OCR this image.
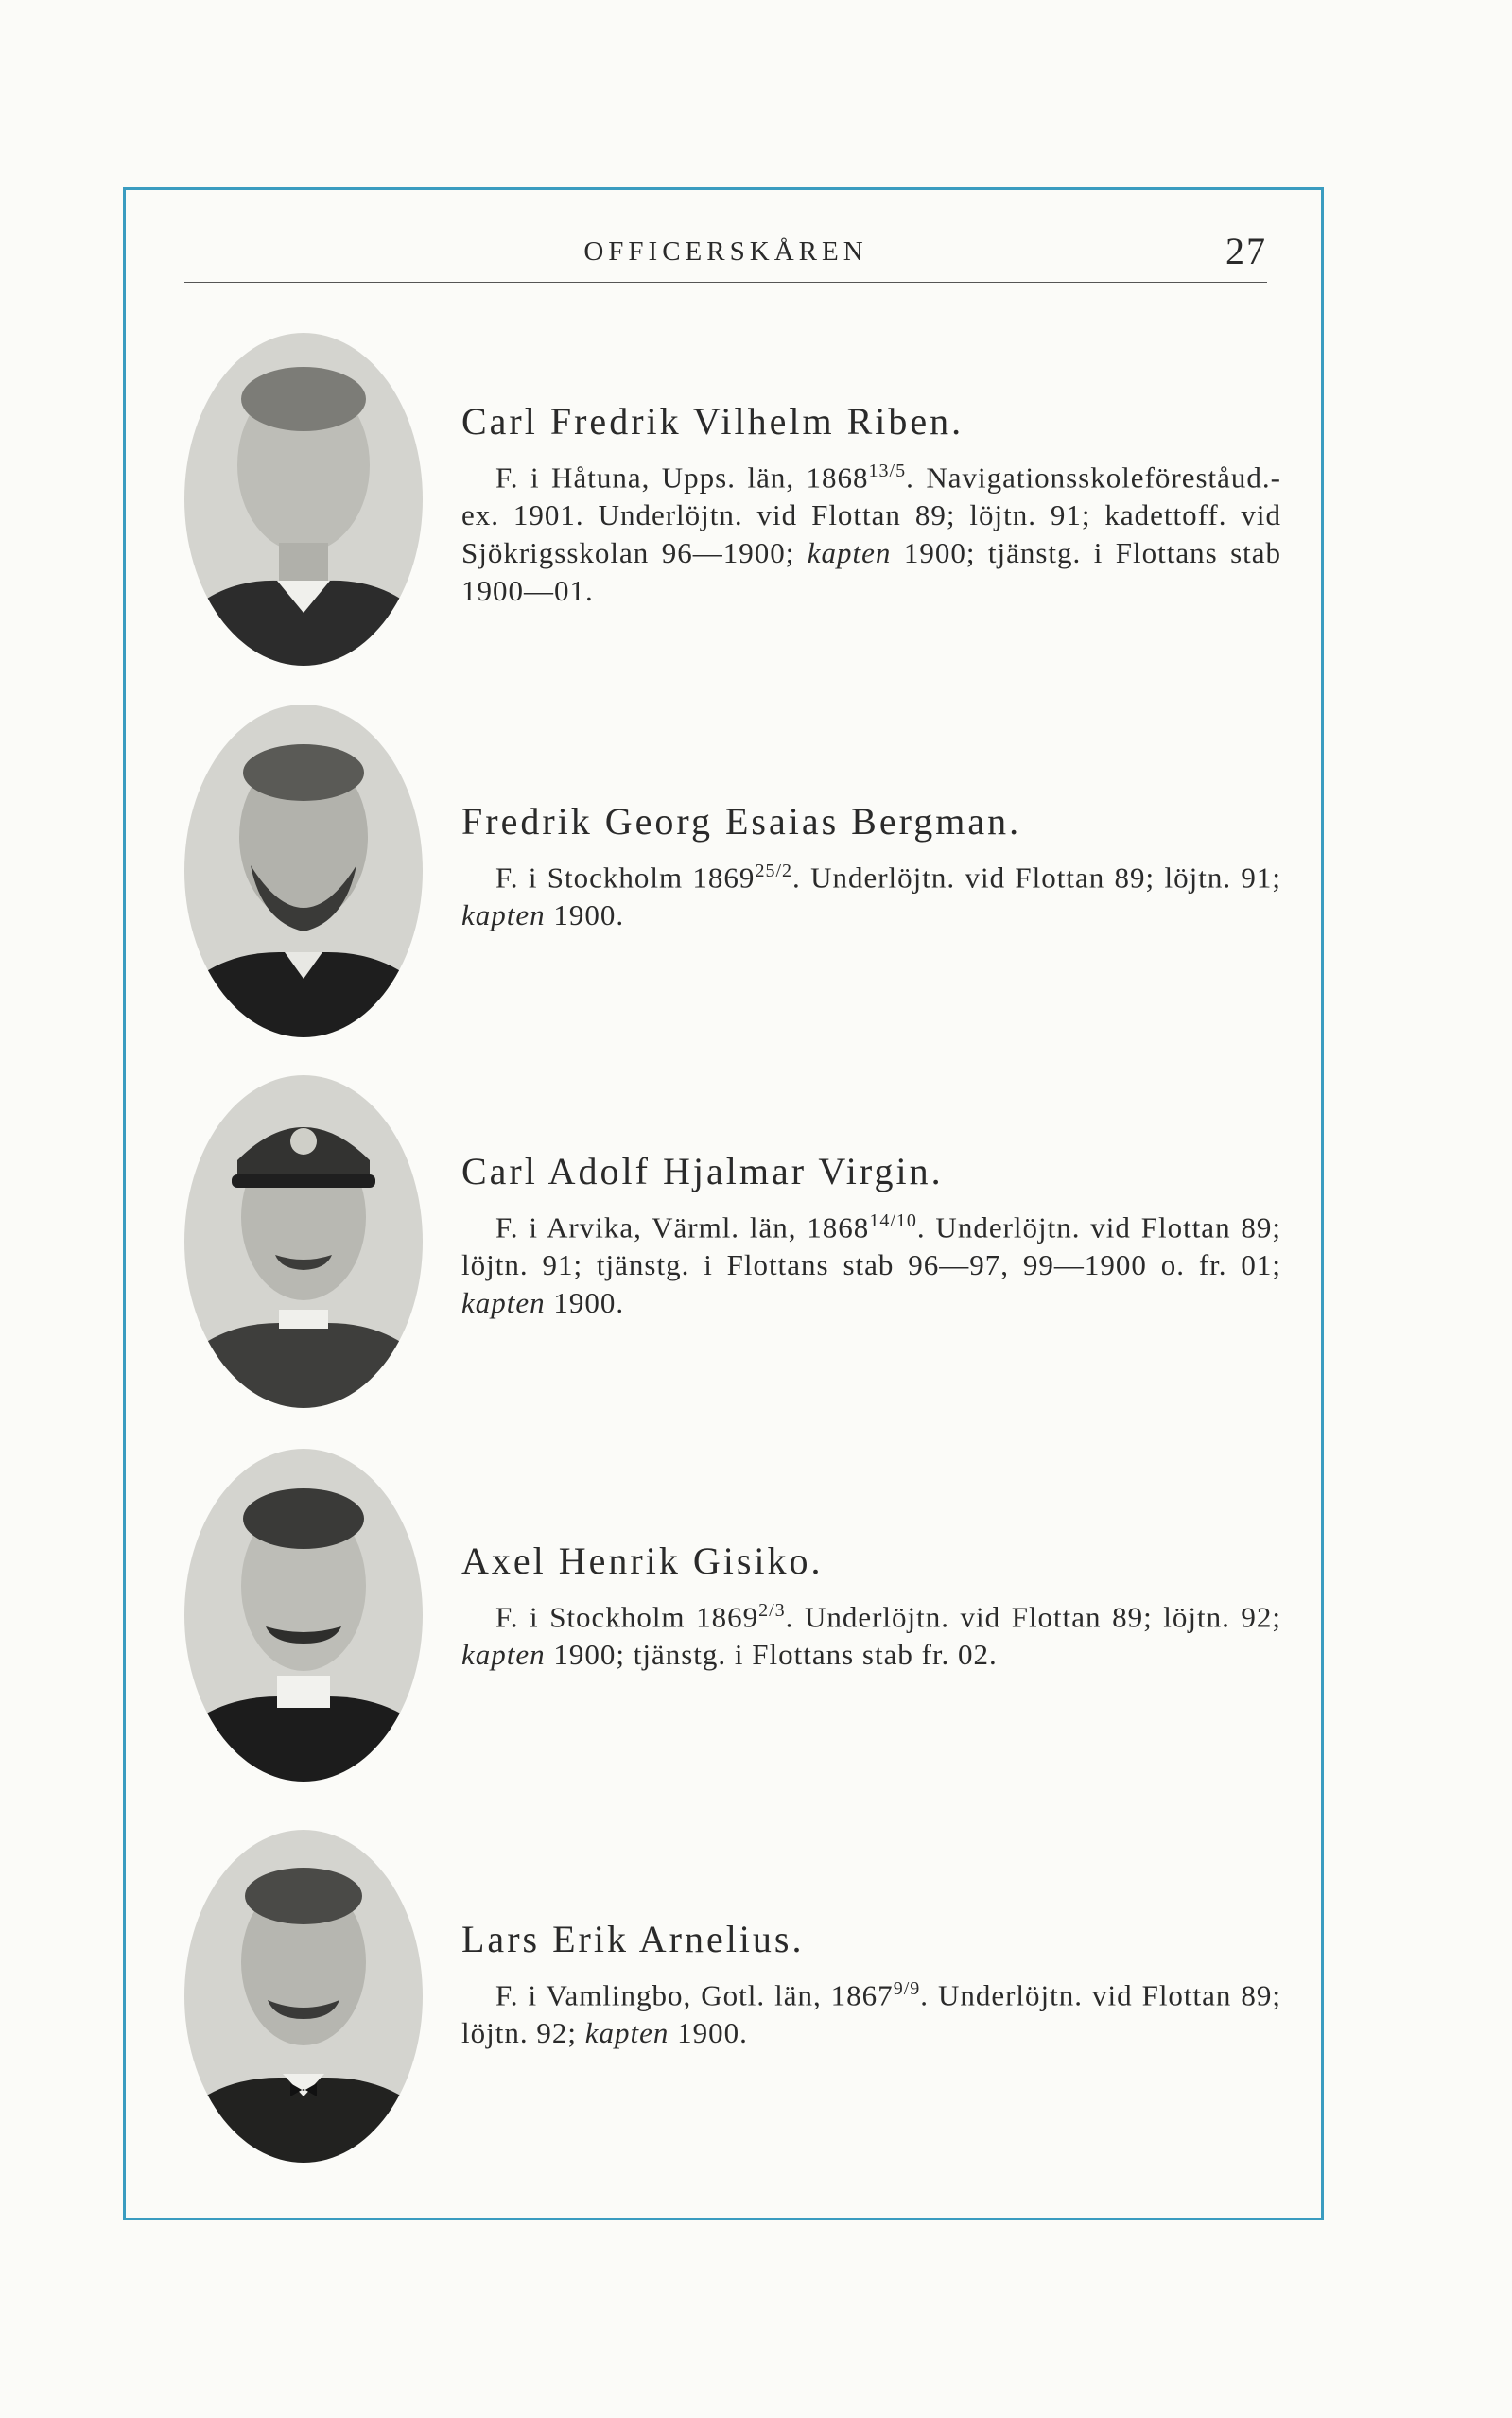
OFFICERSKÅREN	27
Carl Fredrik Vilhelm Riben.

F. i Håtuna, Upps. län, $1868^{13/5}$. Navigationsskoleföreståud.-ex. 1901. Underlöjtn. vid Flottan 89; löjtn. 91; kadettoff. vid Sjökrigsskolan 96—1900; kapten 1900; tjänstg. i Flottans stab 1900—01.

Fredrik Georg Esaias Bergman.

F. i Stockholm $1869^{25/2}$. Underlöjtn. vid Flottan 89; löjtn. 91; kapten 1900.

Carl Adolf Hjalmar Virgin.

F. i Arvika, Värml. län, $1868^{14/10}$. Underlöjtn. vid Flottan 89; löjtn. 91; tjänstg. i Flottans stab 96—97, 99—1900 o. fr. 01; kapten 1900.

Axel Henrik Gisiko.

F. i Stockholm $1869^{2/3}$. Underlöjtn. vid Flottan 89; löjtn. 92; kapten 1900; tjänstg. i Flottans stab fr. 02.

Lars Erik Arnelius.

F. i Vamlingbo, Gotl. län, $1867^{9/9}$. Underlöjtn. vid Flottan 89; löjtn. 92; kapten 1900.
